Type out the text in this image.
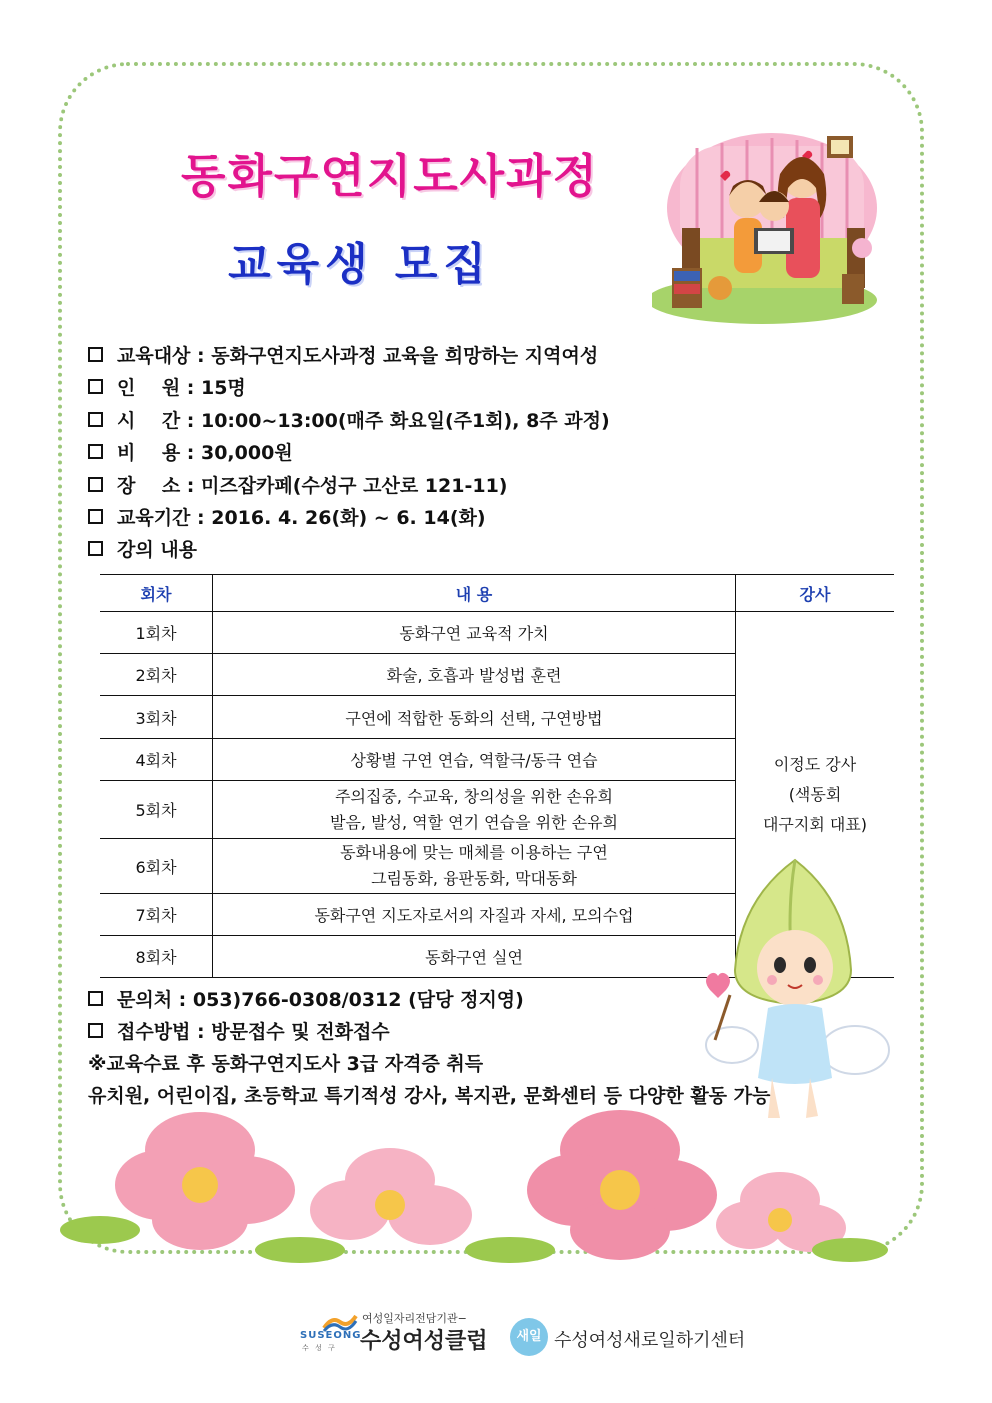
동화구연지도사과정
교육생 모집
교육대상 : 동화구연지도사과정 교육을 희망하는 지역여성
인    원 : 15명
시    간 : 10:00~13:00(매주 화요일(주1회), 8주 과정)
비    용 : 30,000원
장    소 : 미즈잡카페(수성구 고산로 121-11)
교육기간 : 2016. 4. 26(화) ~ 6. 14(화)
강의 내용
회차	내 용	강사
1회차	동화구연 교육적 가치	이정도 강사
(색동회
대구지회 대표)

2회차	화술, 호흡과 발성법 훈련	
3회차	구연에 적합한 동화의 선택, 구연방법	
4회차	상황별 구연 연습, 역할극/동극 연습	
5회차	주의집중, 수교육, 창의성을 위한 손유희
발음, 발성, 역할 연기 연습을 위한 손유희	

6회차	동화내용에 맞는 매체를 이용하는 구연
그림동화, 융판동화, 막대동화	

7회차	동화구연 지도자로서의 자질과 자세, 모의수업	
8회차	동화구연 실연	
문의처 : 053)766-0308/0312 (담당 정지영)
접수방법 : 방문접수 및 전화접수
※교육수료 후 동화구연지도사 3급 자격증 취득
유치원, 어린이집, 초등학교 특기적성 강사, 복지관, 문화센터 등 다양한 활동 가능
SUSEONG
수 성 구
여성일자리전담기관−
수성여성클럽	새일 수성여성새로일하기센터
